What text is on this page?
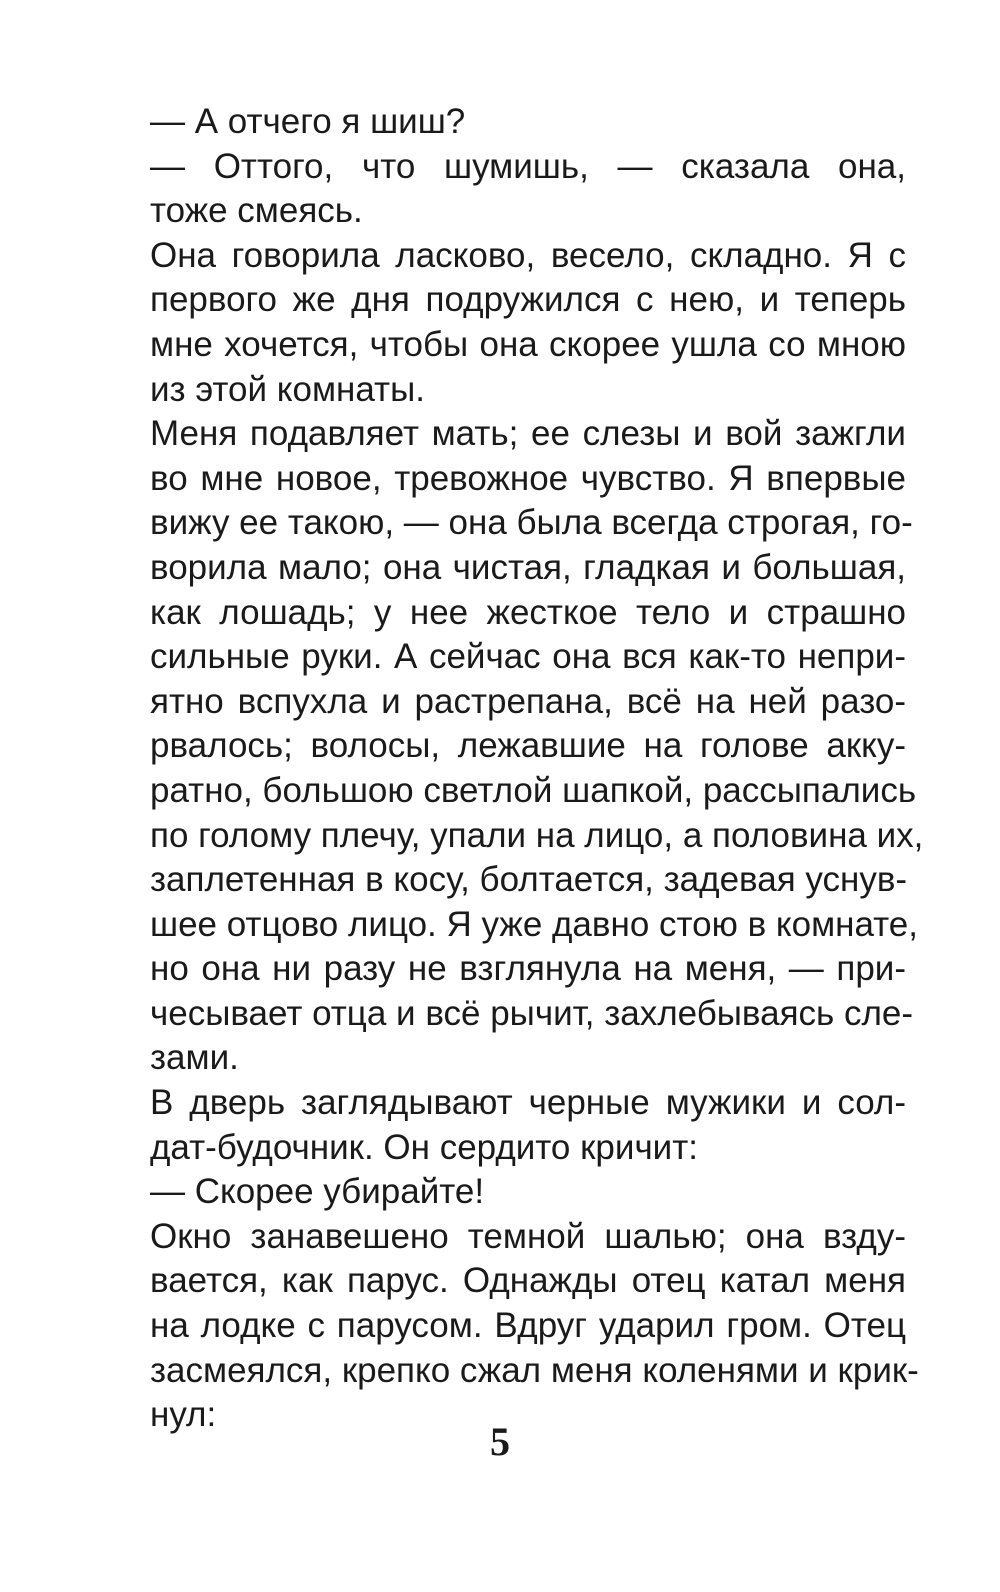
— А отчего я шиш?
— Оттого, что шумишь, — сказала она,
тоже смеясь.
Она говорила ласково, весело, складно. Я с
первого же дня подружился с нею, и теперь
мне хочется, чтобы она скорее ушла со мною
из этой комнаты.
Меня подавляет мать; ее слезы и вой зажгли
во мне новое, тревожное чувство. Я впервые
вижу ее такою, — она была всегда строгая, го-
ворила мало; она чистая, гладкая и большая,
как лошадь; у нее жесткое тело и страшно
сильные руки. А сейчас она вся как-то непри-
ятно вспухла и растрепана, всё на ней разо-
рвалось; волосы, лежавшие на голове акку-
ратно, большою светлой шапкой, рассыпались
по голому плечу, упали на лицо, а половина их,
заплетенная в косу, болтается, задевая уснув-
шее отцово лицо. Я уже давно стою в комнате,
но она ни разу не взглянула на меня, — при-
чесывает отца и всё рычит, захлебываясь сле-
зами.
В дверь заглядывают черные мужики и сол-
дат-будочник. Он сердито кричит:
— Скорее убирайте!
Окно занавешено темной шалью; она взду-
вается, как парус. Однажды отец катал меня
на лодке с парусом. Вдруг ударил гром. Отец
засмеялся, крепко сжал меня коленями и крик-
нул:
5
